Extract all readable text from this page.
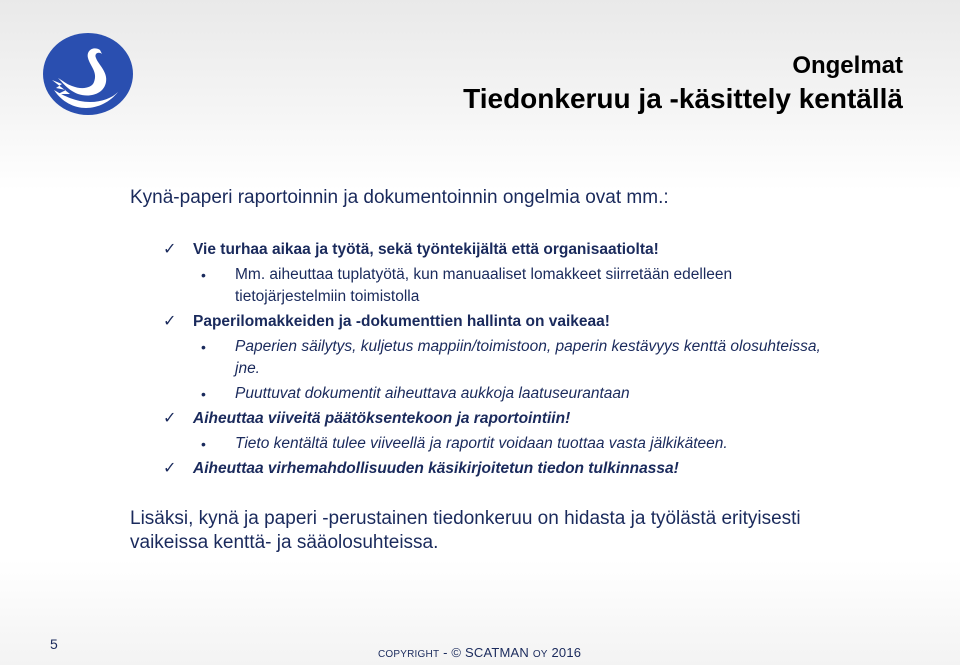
Ongelmat
Tiedonkeruu ja -käsittely kentällä
Kynä-paperi raportoinnin ja dokumentoinnin ongelmia ovat mm.:
✓ Vie turhaa aikaa ja työtä, sekä työntekijältä että organisaatiolta!
• Mm. aiheuttaa tuplatyötä, kun manuaaliset lomakkeet siirretään edelleen tietojärjestelmiin toimistolla
✓ Paperilomakkeiden ja -dokumenttien hallinta on vaikeaa!
• Paperien säilytys, kuljetus mappiin/toimistoon, paperin kestävyys kenttä olosuhteissa, jne.
• Puuttuvat dokumentit aiheuttava aukkoja laatuseurantaan
✓ Aiheuttaa viiveitä päätöksentekoon ja raportointiin!
• Tieto kentältä tulee viiveellä ja raportit voidaan tuottaa vasta jälkikäteen.
✓ Aiheuttaa virhemahdollisuuden käsikirjoitetun tiedon tulkinnassa!
Lisäksi, kynä ja paperi -perustainen tiedonkeruu on hidasta ja työlästä erityisesti vaikeissa kenttä- ja sääolosuhteissa.
5
COPYRIGHT - © SCATMAN OY 2016
